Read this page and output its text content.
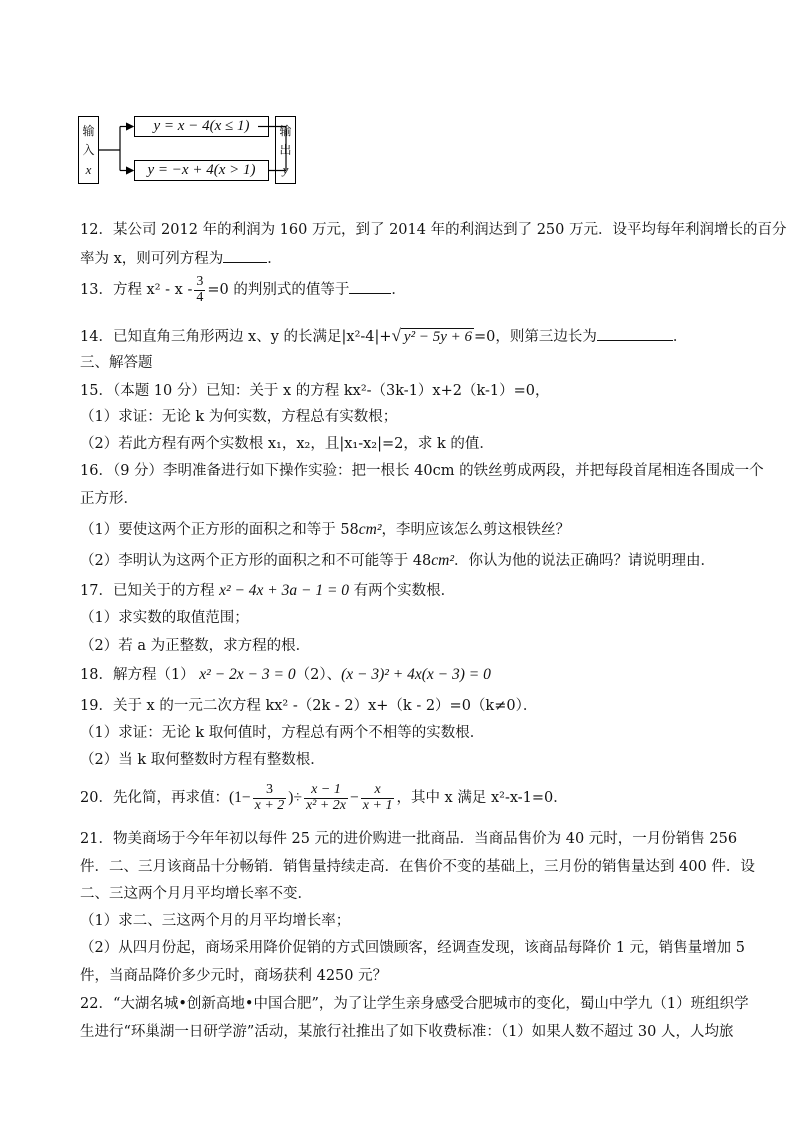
输
入
x
y = x − 4(x ≤ 1)
y = −x + 4(x > 1)
输
出
y
12．某公司 2012 年的利润为 160 万元，到了 2014 年的利润达到了 250 万元．设平均每年利润增长的百分
率为 x，则可列方程为	．
13．方程 $x^2 - x - \frac{3}{4} =0$ 的判别式的值等于	．
14．已知直角三角形两边 x、y 的长满足|x²-4|+√ y² − 5y + 6 =0，则第三边长为	．
三、解答题
15．（本题 10 分）已知：关于 x 的方程 kx²-（3k-1）x+2（k-1）=0，
（1）求证：无论 k 为何实数，方程总有实数根；
（2）若此方程有两个实数根 x₁，x₂，且|x₁-x₂|=2，求 k 的值．
16．（9 分）李明准备进行如下操作实验：把一根长 40cm 的铁丝剪成两段，并把每段首尾相连各围成一个
正方形．
（1）要使这两个正方形的面积之和等于 58cm²，李明应该怎么剪这根铁丝？
（2）李明认为这两个正方形的面积之和不可能等于 48cm²．你认为他的说法正确吗？请说明理由．
17．已知关于的方程 x² − 4x + 3a − 1 = 0 有两个实数根．
（1）求实数的取值范围；
（2）若 a 为正整数，求方程的根．
18．解方程（1） x² − 2x − 3 = 0（2）、(x − 3)² + 4x(x − 3) = 0
19．关于 x 的一元二次方程 kx² -（2k - 2）x+（k - 2）=0（k≠0）．
（1）求证：无论 k 取何值时，方程总有两个不相等的实数根．
（2）当 k 取何整数时方程有整数根．
20．先化简，再求值：($1- \frac{3}{x + 2}$ )÷ $\frac{x - 1}{\text{x² + 2x}} - \frac{x}{x + 1}$ ，其中 x 满足 x²-x-1=0．
21．物美商场于今年年初以每件 25 元的进价购进一批商品．当商品售价为 40 元时，一月份销售 256
件．二、三月该商品十分畅销．销售量持续走高．在售价不变的基础上，三月份的销售量达到 400 件．设
二、三这两个月月平均增长率不变．
（1）求二、三这两个月的月平均增长率；
（2）从四月份起，商场采用降价促销的方式回馈顾客，经调查发现，该商品每降价 1 元，销售量增加 5
件，当商品降价多少元时，商场获利 4250 元？
22．“大湖名城•创新高地•中国合肥”，为了让学生亲身感受合肥城市的变化，蜀山中学九（1）班组织学
生进行“环巢湖一日研学游”活动，某旅行社推出了如下收费标准：（1）如果人数不超过 30 人，人均旅
